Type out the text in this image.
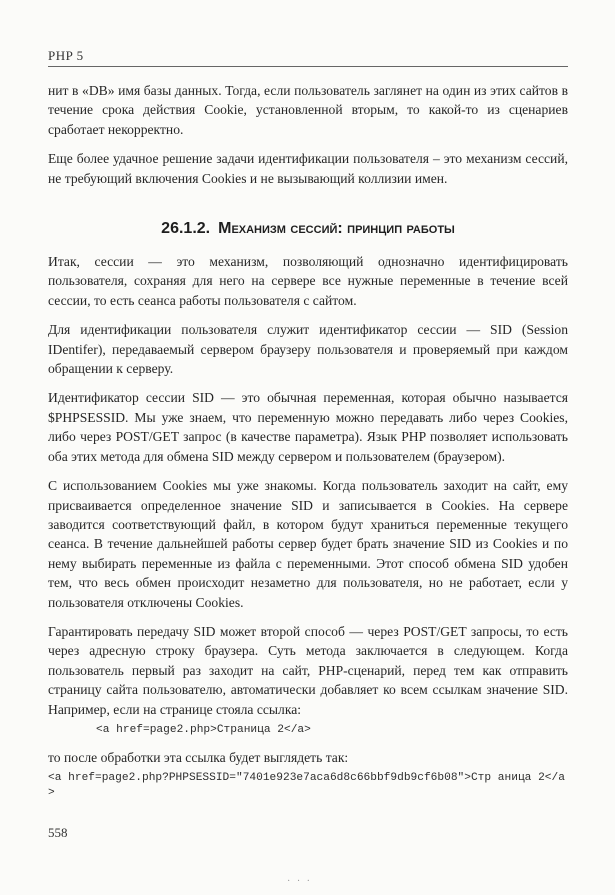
PHP 5

нит в «DB» имя базы данных. Тогда, если пользователь заглянет на один из этих сайтов в течение срока действия Cookie, установленной вторым, то какой-то из сценариев сработает некорректно.

Еще более удачное решение задачи идентификации пользователя – это механизм сессий, не требующий включения Cookies и не вызывающий коллизии имен.

26.1.2. Механизм сессий: принцип работы

Итак, сессии — это механизм, позволяющий однозначно идентифицировать пользователя, сохраняя для него на сервере все нужные переменные в течение всей сессии, то есть сеанса работы пользователя с сайтом.

Для идентификации пользователя служит идентификатор сессии — SID (Session IDentifer), передаваемый сервером браузеру пользователя и проверяемый при каждом обращении к серверу.

Идентификатор сессии SID — это обычная переменная, которая обычно называется $PHPSESSID. Мы уже знаем, что переменную можно передавать либо через Cookies, либо через POST/GET запрос (в качестве параметра). Язык PHP позволяет использовать оба этих метода для обмена SID между сервером и пользователем (браузером).

С использованием Cookies мы уже знакомы. Когда пользователь заходит на сайт, ему присваивается определенное значение SID и записывается в Cookies. На сервере заводится соответствующий файл, в котором будут храниться переменные текущего сеанса. В течение дальнейшей работы сервер будет брать значение SID из Cookies и по нему выбирать переменные из файла с переменными. Этот способ обмена SID удобен тем, что весь обмен происходит незаметно для пользователя, но не работает, если у пользователя отключены Cookies.

Гарантировать передачу SID может второй способ — через POST/GET запросы, то есть через адресную строку браузера. Суть метода заключается в следующем. Когда пользователь первый раз заходит на сайт, PHP-сценарий, перед тем как отправить страницу сайта пользователю, автоматически добавляет ко всем ссылкам значение SID. Например, если на странице стояла ссылка:

<a href=page2.php>Страница 2</a>

то после обработки эта ссылка будет выглядеть так:

<a href=page2.php?PHPSESSID="7401e923e7aca6d8c66bbf9db9cf6b08">Стр аница 2</a>
558
· · ·
